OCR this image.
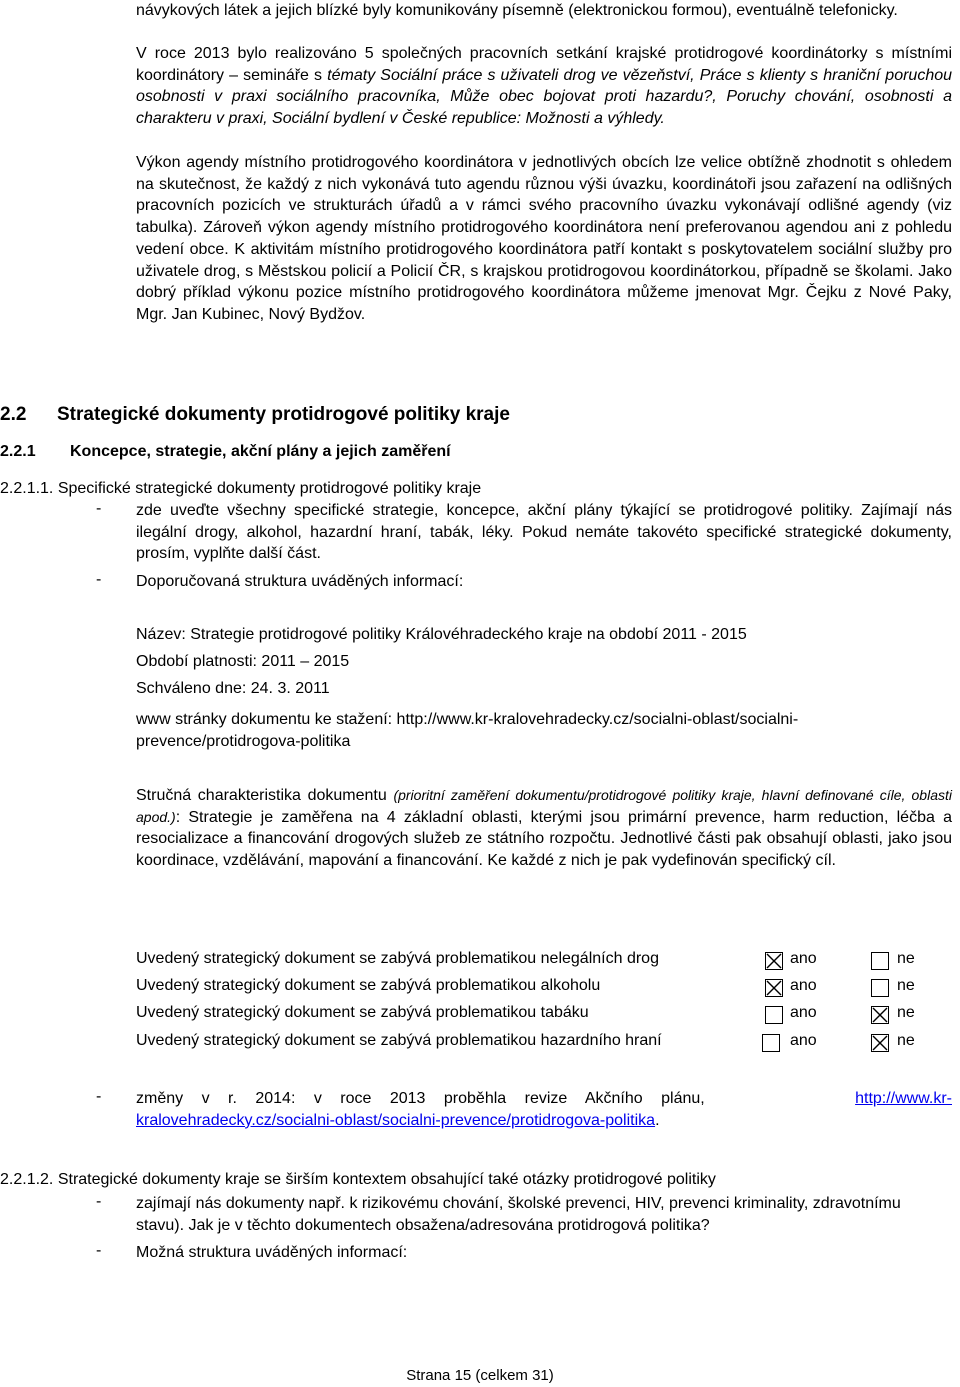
návykových látek a jejich blízké byly komunikovány písemně (elektronickou formou), eventuálně telefonicky.

V roce 2013 bylo realizováno 5 společných pracovních setkání krajské protidrogové koordinátorky s místními koordinátory – semináře s tématy Sociální práce s uživateli drog ve vězeňství, Práce s klienty s hraniční poruchou osobnosti v praxi sociálního pracovníka, Může obec bojovat proti hazardu?, Poruchy chování, osobnosti a charakteru v praxi, Sociální bydlení v České republice: Možnosti a výhledy.

Výkon agendy místního protidrogového koordinátora v jednotlivých obcích lze velice obtížně zhodnotit s ohledem na skutečnost, že každý z nich vykonává tuto agendu různou výši úvazku, koordinátoři jsou zařazení na odlišných pracovních pozicích ve strukturách úřadů a v rámci svého pracovního úvazku vykonávají odlišné agendy (viz tabulka). Zároveň výkon agendy místního protidrogového koordinátora není preferovanou agendou ani z pohledu vedení obce. K aktivitám místního protidrogového koordinátora patří kontakt s poskytovatelem sociální služby pro uživatele drog, s Městskou policií a Policií ČR, s krajskou protidrogovou koordinátorkou, případně se školami. Jako dobrý příklad výkonu pozice místního protidrogového koordinátora můžeme jmenovat Mgr. Čejku z Nové Paky, Mgr. Jan Kubinec, Nový Bydžov.

2.2 Strategické dokumenty protidrogové politiky kraje
2.2.1 Koncepce, strategie, akční plány a jejich zaměření
2.2.1.1. Specifické strategické dokumenty protidrogové politiky kraje
- zde uveďte všechny specifické strategie, koncepce, akční plány týkající se protidrogové politiky. Zajímají nás ilegální drogy, alkohol, hazardní hraní, tabák, léky. Pokud nemáte takovéto specifické strategické dokumenty, prosím, vyplňte další část.

- Doporučovaná struktura uváděných informací:

Název: Strategie protidrogové politiky Královéhradeckého kraje na období 2011 - 2015
Období platnosti: 2011 – 2015
Schváleno dne: 24. 3. 2011
www stránky dokumentu ke stažení: http://www.kr-kralovehradecky.cz/socialni-oblast/socialni-prevence/protidrogova-politika

Stručná charakteristika dokumentu (prioritní zaměření dokumentu/protidrogové politiky kraje, hlavní definované cíle, oblasti apod.): Strategie je zaměřena na 4 základní oblasti, kterými jsou primární prevence, harm reduction, léčba a resocializace a financování drogových služeb ze státního rozpočtu. Jednotlivé části pak obsahují oblasti, jako jsou koordinace, vzdělávání, mapování a financování. Ke každé z nich je pak vydefinován specifický cíl.

Uvedený strategický dokument se zabývá problematikou nelegálních drog	ano	ne
Uvedený strategický dokument se zabývá problematikou alkoholu	ano	ne
Uvedený strategický dokument se zabývá problematikou tabáku	ano	ne
Uvedený strategický dokument se zabývá problematikou hazardního hraní	ano	ne
- změny v r. 2014: v roce 2013 proběhla revize Akčního plánu,	http://www.kr-
kralovehradecky.cz/socialni-oblast/socialni-prevence/protidrogova-politika.
2.2.1.2. Strategické dokumenty kraje se širším kontextem obsahující také otázky protidrogové politiky
- zajímají nás dokumenty např. k rizikovému chování, školské prevenci, HIV, prevenci kriminality, zdravotnímu stavu). Jak je v těchto dokumentech obsažena/adresována protidrogová politika?

- Možná struktura uváděných informací:

Strana 15 (celkem 31)
